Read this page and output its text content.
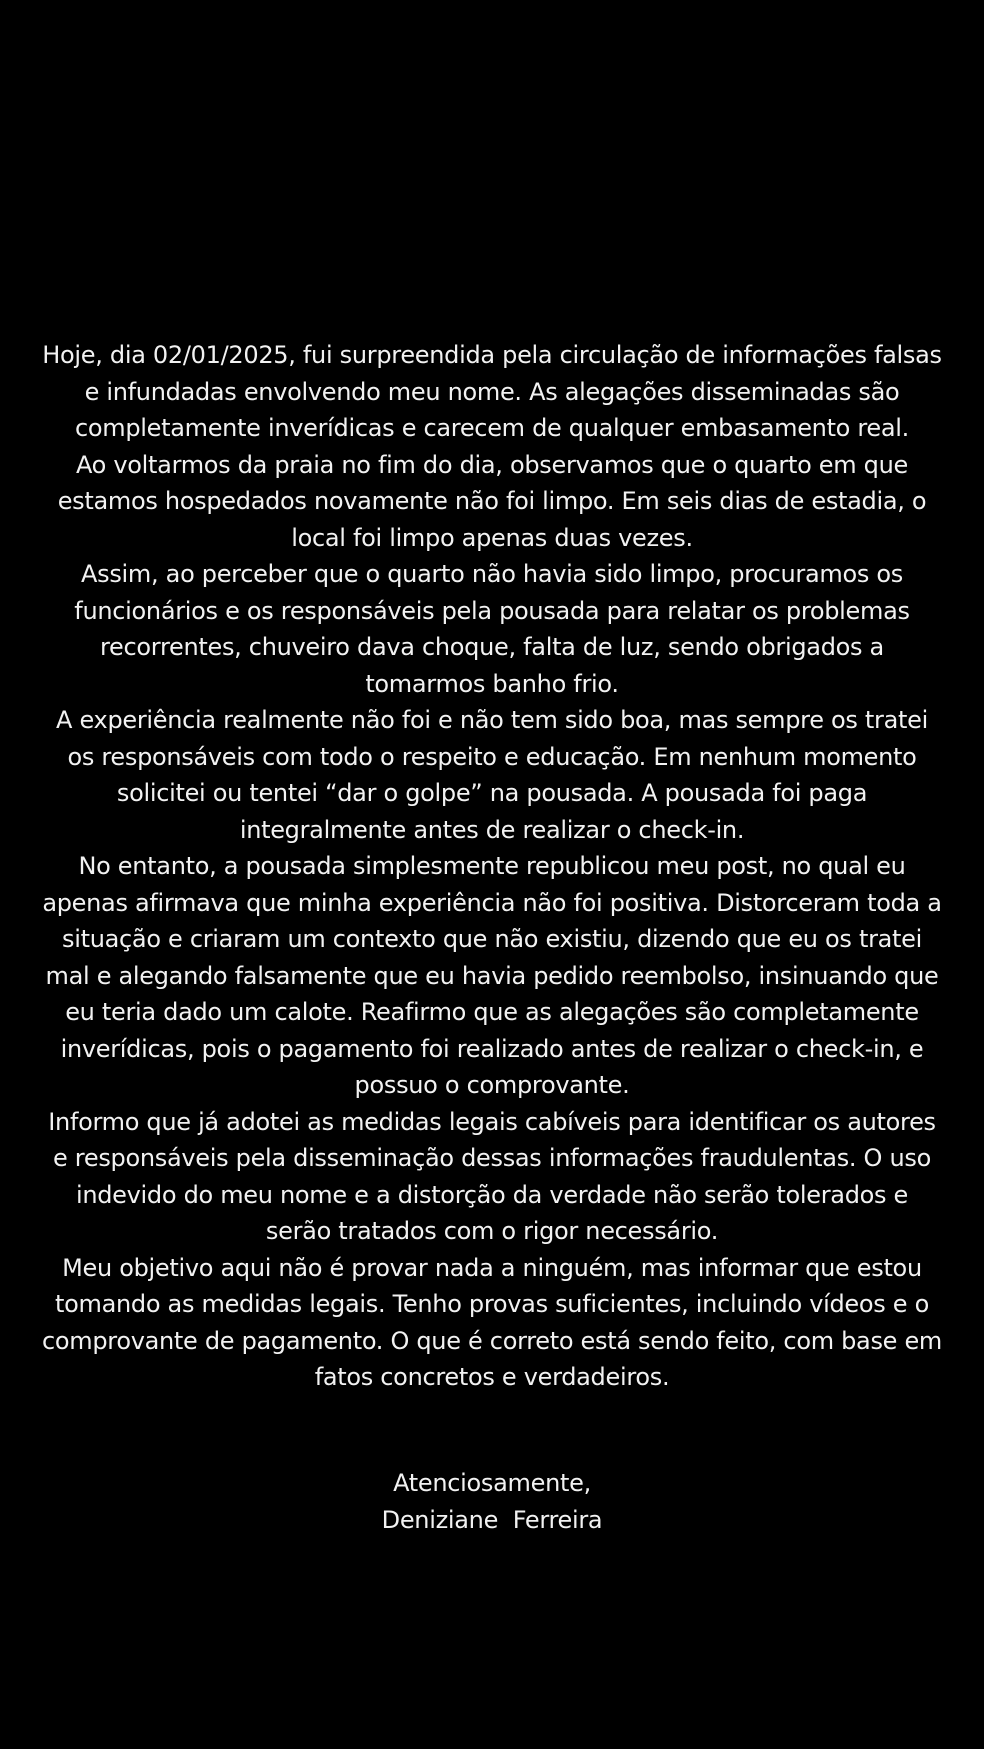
Hoje, dia 02/01/2025, fui surpreendida pela circulação de informações falsas e infundadas envolvendo meu nome. As alegações disseminadas são completamente inverídicas e carecem de qualquer embasamento real.

Ao voltarmos da praia no fim do dia, observamos que o quarto em que estamos hospedados novamente não foi limpo. Em seis dias de estadia, o local foi limpo apenas duas vezes.

Assim, ao perceber que o quarto não havia sido limpo, procuramos os funcionários e os responsáveis pela pousada para relatar os problemas recorrentes, chuveiro dava choque, falta de luz, sendo obrigados a tomarmos banho frio.

A experiência realmente não foi e não tem sido boa, mas sempre os tratei os responsáveis com todo o respeito e educação. Em nenhum momento solicitei ou tentei “dar o golpe” na pousada. A pousada foi paga integralmente antes de realizar o check-in.

No entanto, a pousada simplesmente republicou meu post, no qual eu apenas afirmava que minha experiência não foi positiva. Distorceram toda a situação e criaram um contexto que não existiu, dizendo que eu os tratei mal e alegando falsamente que eu havia pedido reembolso, insinuando que eu teria dado um calote. Reafirmo que as alegações são completamente inverídicas, pois o pagamento foi realizado antes de realizar o check-in, e possuo o comprovante.

Informo que já adotei as medidas legais cabíveis para identificar os autores e responsáveis pela disseminação dessas informações fraudulentas. O uso indevido do meu nome e a distorção da verdade não serão tolerados e serão tratados com o rigor necessário.

Meu objetivo aqui não é provar nada a ninguém, mas informar que estou tomando as medidas legais. Tenho provas suficientes, incluindo vídeos e o comprovante de pagamento. O que é correto está sendo feito, com base em fatos concretos e verdadeiros.

Atenciosamente,

Deniziane  Ferreira
